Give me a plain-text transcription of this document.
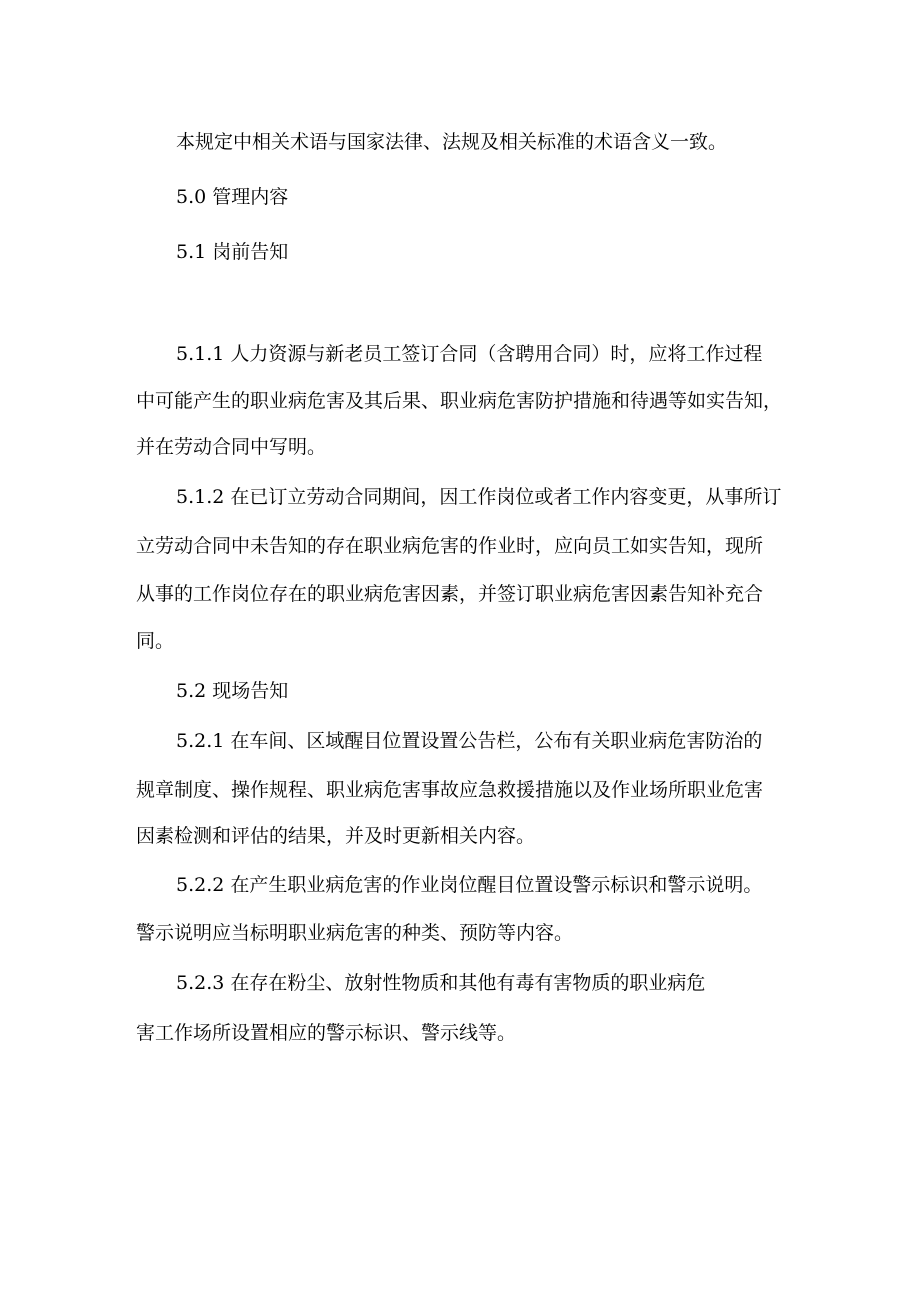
本规定中相关术语与国家法律、法规及相关标准的术语含义一致。

5.0 管理内容

5.1 岗前告知

5.1.1 人力资源与新老员工签订合同（含聘用合同）时，应将工作过程

中可能产生的职业病危害及其后果、职业病危害防护措施和待遇等如实告知，

并在劳动合同中写明。

5.1.2 在已订立劳动合同期间，因工作岗位或者工作内容变更，从事所订

立劳动合同中未告知的存在职业病危害的作业时，应向员工如实告知，现所

从事的工作岗位存在的职业病危害因素，并签订职业病危害因素告知补充合

同。

5.2 现场告知

5.2.1 在车间、区域醒目位置设置公告栏，公布有关职业病危害防治的

规章制度、操作规程、职业病危害事故应急救援措施以及作业场所职业危害

因素检测和评估的结果，并及时更新相关内容。

5.2.2 在产生职业病危害的作业岗位醒目位置设警示标识和警示说明。

警示说明应当标明职业病危害的种类、预防等内容。

5.2.3 在存在粉尘、放射性物质和其他有毒有害物质的职业病危

害工作场所设置相应的警示标识、警示线等。
